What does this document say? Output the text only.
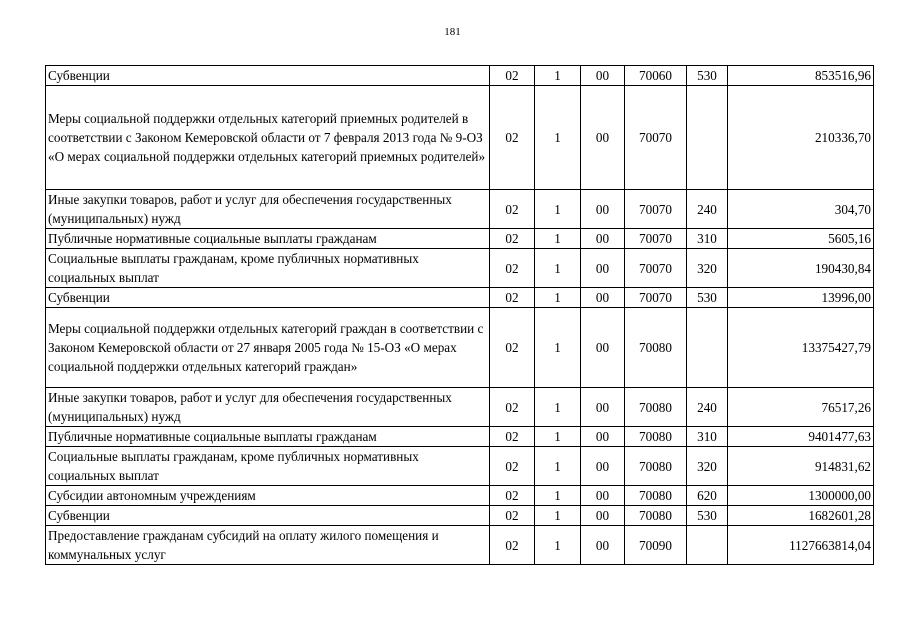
181
Субвенции	02	1	00	70060	530	853516,96
Меры социальной поддержки отдельных категорий приемных родителей в соответствии с Законом Кемеровской области от 7 февраля 2013 года № 9-ОЗ «О мерах социальной поддержки отдельных категорий приемных родителей»	02	1	00	70070		210336,70
Иные закупки товаров, работ и услуг для обеспечения государственных (муниципальных) нужд	02	1	00	70070	240	304,70
Публичные нормативные социальные выплаты гражданам	02	1	00	70070	310	5605,16
Социальные выплаты гражданам, кроме публичных нормативных социальных выплат	02	1	00	70070	320	190430,84
Субвенции	02	1	00	70070	530	13996,00
Меры социальной поддержки отдельных категорий граждан в соответствии с Законом Кемеровской области от 27 января 2005 года № 15-ОЗ «О мерах социальной поддержки отдельных категорий граждан»	02	1	00	70080		13375427,79
Иные закупки товаров, работ и услуг для обеспечения государственных (муниципальных) нужд	02	1	00	70080	240	76517,26
Публичные нормативные социальные выплаты гражданам	02	1	00	70080	310	9401477,63
Социальные выплаты гражданам, кроме публичных нормативных социальных выплат	02	1	00	70080	320	914831,62
Субсидии автономным учреждениям	02	1	00	70080	620	1300000,00
Субвенции	02	1	00	70080	530	1682601,28
Предоставление гражданам субсидий на оплату жилого помещения и коммунальных услуг	02	1	00	70090		1127663814,04
